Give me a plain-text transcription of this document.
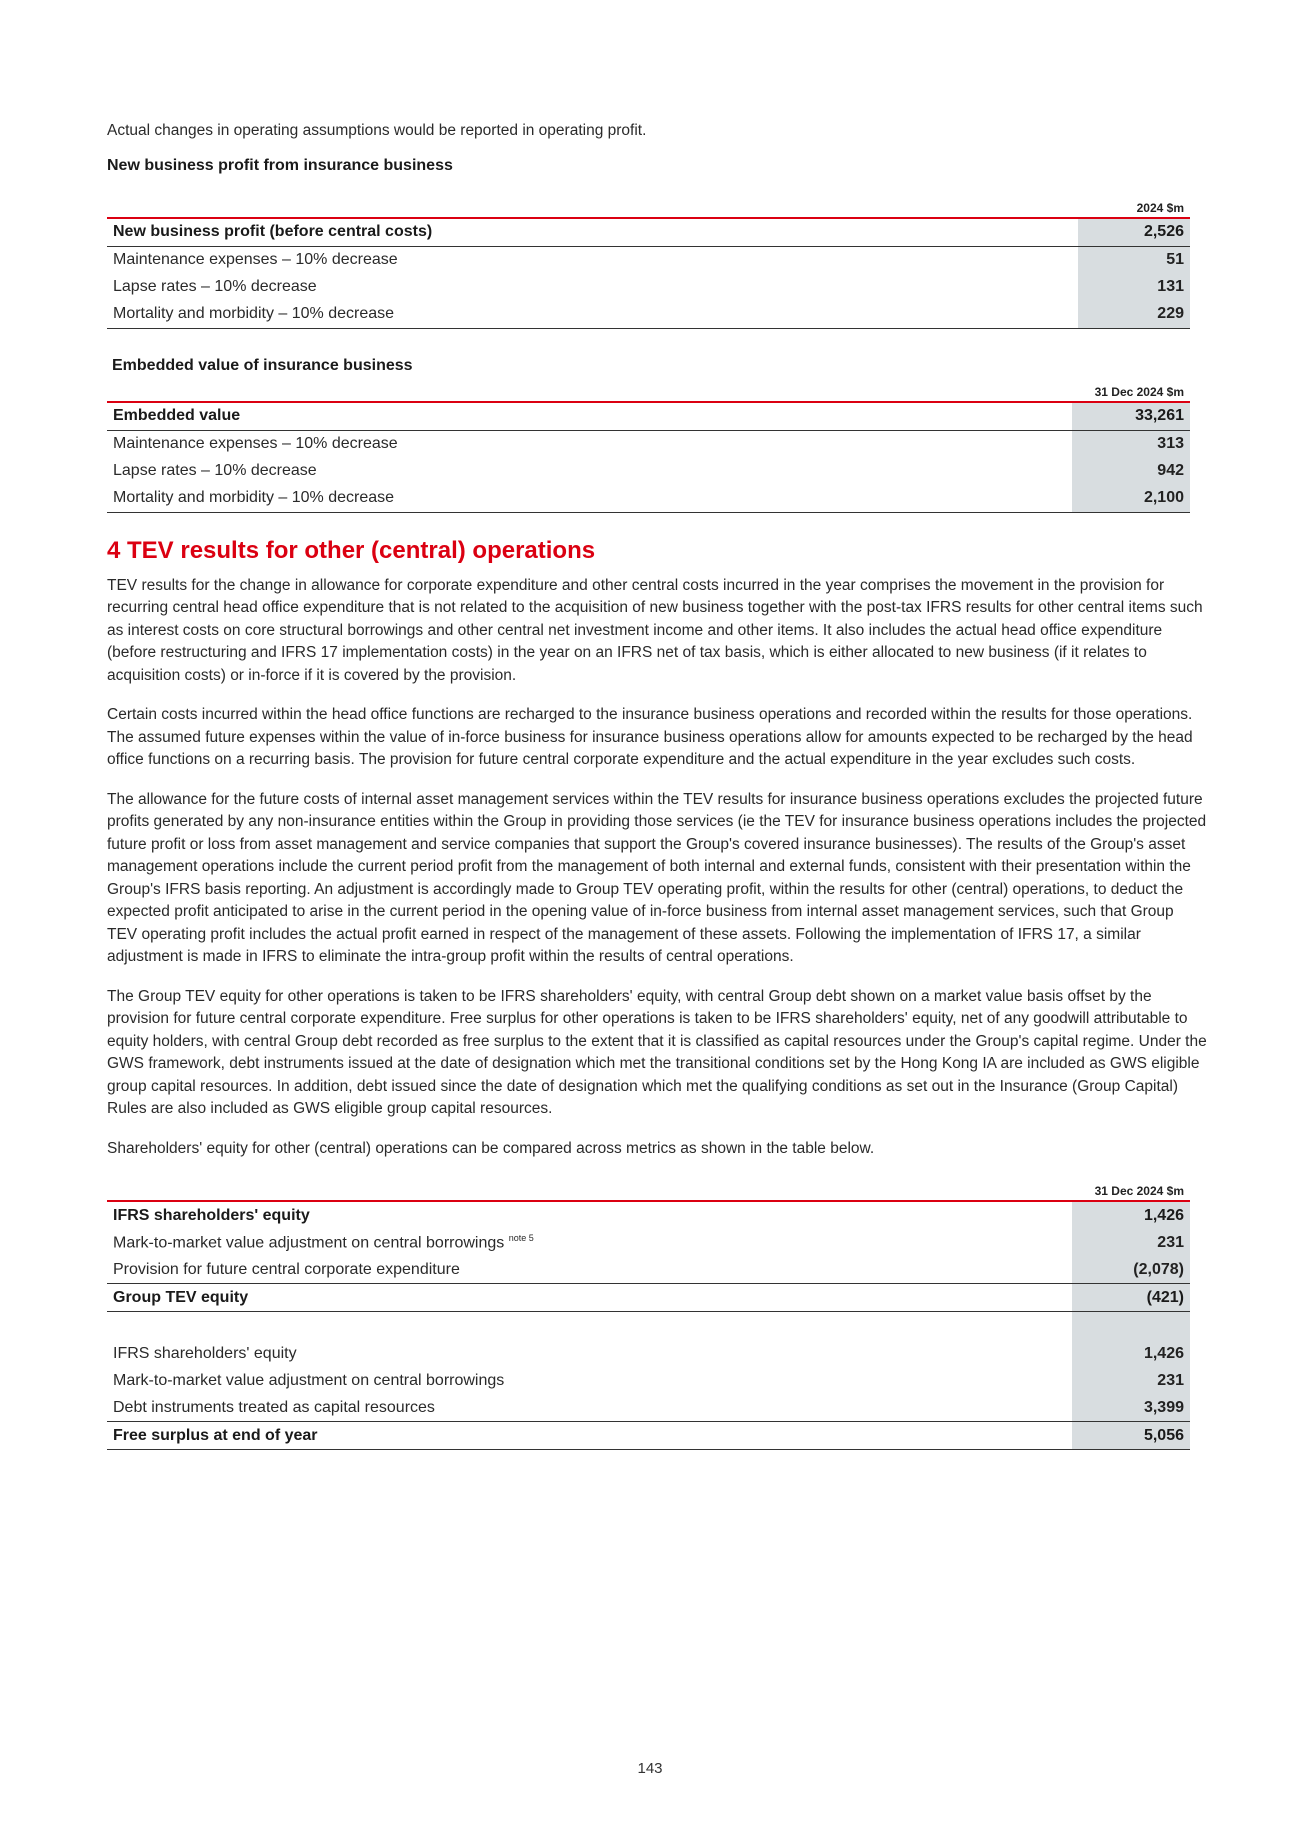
Actual changes in operating assumptions would be reported in operating profit.

New business profit from insurance business
	2024 $m
New business profit (before central costs)	2,526
Maintenance expenses – 10% decrease	51
Lapse rates – 10% decrease	131
Mortality and morbidity – 10% decrease	229
Embedded value of insurance business
	31 Dec 2024 $m
Embedded value	33,261
Maintenance expenses – 10% decrease	313
Lapse rates – 10% decrease	942
Mortality and morbidity – 10% decrease	2,100
4 TEV results for other (central) operations

TEV results for the change in allowance for corporate expenditure and other central costs incurred in the year comprises the movement in the provision for recurring central head office expenditure that is not related to the acquisition of new business together with the post-tax IFRS results for other central items such as interest costs on core structural borrowings and other central net investment income and other items. It also includes the actual head office expenditure (before restructuring and IFRS 17 implementation costs) in the year on an IFRS net of tax basis, which is either allocated to new business (if it relates to acquisition costs) or in-force if it is covered by the provision.

Certain costs incurred within the head office functions are recharged to the insurance business operations and recorded within the results for those operations. The assumed future expenses within the value of in-force business for insurance business operations allow for amounts expected to be recharged by the head office functions on a recurring basis. The provision for future central corporate expenditure and the actual expenditure in the year excludes such costs.

The allowance for the future costs of internal asset management services within the TEV results for insurance business operations excludes the projected future profits generated by any non-insurance entities within the Group in providing those services (ie the TEV for insurance business operations includes the projected future profit or loss from asset management and service companies that support the Group's covered insurance businesses). The results of the Group's asset management operations include the current period profit from the management of both internal and external funds, consistent with their presentation within the Group's IFRS basis reporting. An adjustment is accordingly made to Group TEV operating profit, within the results for other (central) operations, to deduct the expected profit anticipated to arise in the current period in the opening value of in-force business from internal asset management services, such that Group TEV operating profit includes the actual profit earned in respect of the management of these assets. Following the implementation of IFRS 17, a similar adjustment is made in IFRS to eliminate the intra-group profit within the results of central operations.

The Group TEV equity for other operations is taken to be IFRS shareholders' equity, with central Group debt shown on a market value basis offset by the provision for future central corporate expenditure. Free surplus for other operations is taken to be IFRS shareholders' equity, net of any goodwill attributable to equity holders, with central Group debt recorded as free surplus to the extent that it is classified as capital resources under the Group's capital regime. Under the GWS framework, debt instruments issued at the date of designation which met the transitional conditions set by the Hong Kong IA are included as GWS eligible group capital resources. In addition, debt issued since the date of designation which met the qualifying conditions as set out in the Insurance (Group Capital) Rules are also included as GWS eligible group capital resources.

Shareholders' equity for other (central) operations can be compared across metrics as shown in the table below.

	31 Dec 2024 $m
IFRS shareholders' equity	1,426
Mark-to-market value adjustment on central borrowings $^{note 5}$	231
Provision for future central corporate expenditure	(2,078)
Group TEV equity	(421)

IFRS shareholders' equity	1,426
Mark-to-market value adjustment on central borrowings	231
Debt instruments treated as capital resources	3,399
Free surplus at end of year	5,056
143
